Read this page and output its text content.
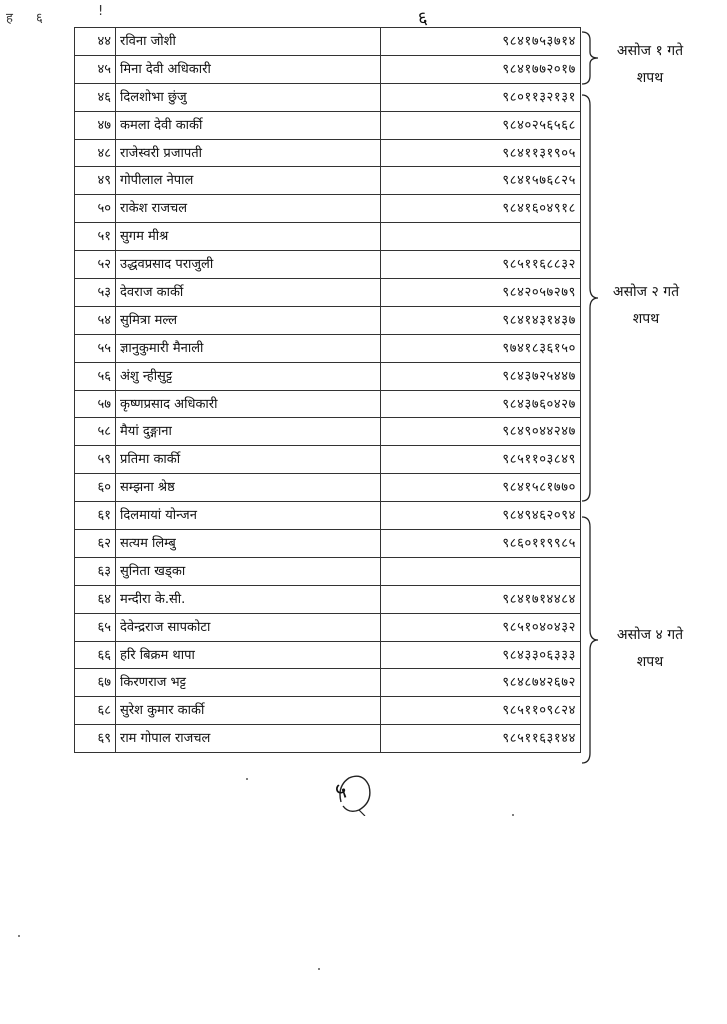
ह ६	!	६
४४	रविना जोशी	९८४१७५३७१४
४५	मिना देवी अधिकारी	९८४१७७२०१७
४६	दिलशोभा छुंजु	९८०११३२१३१
४७	कमला देवी कार्की	९८४०२५६५६८
४८	राजेस्वरी प्रजापती	९८४११३१९०५
४९	गोपीलाल नेपाल	९८४१५७६८२५
५०	राकेश राजचल	९८४१६०४९१८
५१	सुगम मीश्र	
५२	उद्धवप्रसाद पराजुली	९८५११६८८३२
५३	देवराज कार्की	९८४२०५७२७९
५४	सुमित्रा मल्ल	९८४१४३१४३७
५५	ज्ञानुकुमारी मैनाली	९७४१८३६१५०
५६	अंशु न्हीसुट्ट	९८४३७२५४४७
५७	कृष्णप्रसाद अधिकारी	९८४३७६०४२७
५८	मैयां दुङ्गाना	९८४९०४४२४७
५९	प्रतिमा कार्की	९८५११०३८४९
६०	सम्झना श्रेष्ठ	९८४१५८१७७०
६१	दिलमायां योन्जन	९८४९४६२०९४
६२	सत्यम लिम्बु	९८६०११९९८५
६३	सुनिता खड्का	
६४	मन्दीरा के.सी.	९८४१७१४४८४
६५	देवेन्द्रराज सापकोटा	९८५१०४०४३२
६६	हरि बिक्रम थापा	९८४३३०६३३३
६७	किरणराज भट्ट	९८४८७४२६७२
६८	सुरेश कुमार कार्की	९८५११०९८२४
६९	राम गोपाल राजचल	९८५११६३१४४
असोज १ गते
शपथ
असोज २ गते
शपथ
असोज ४ गते
शपथ
५
